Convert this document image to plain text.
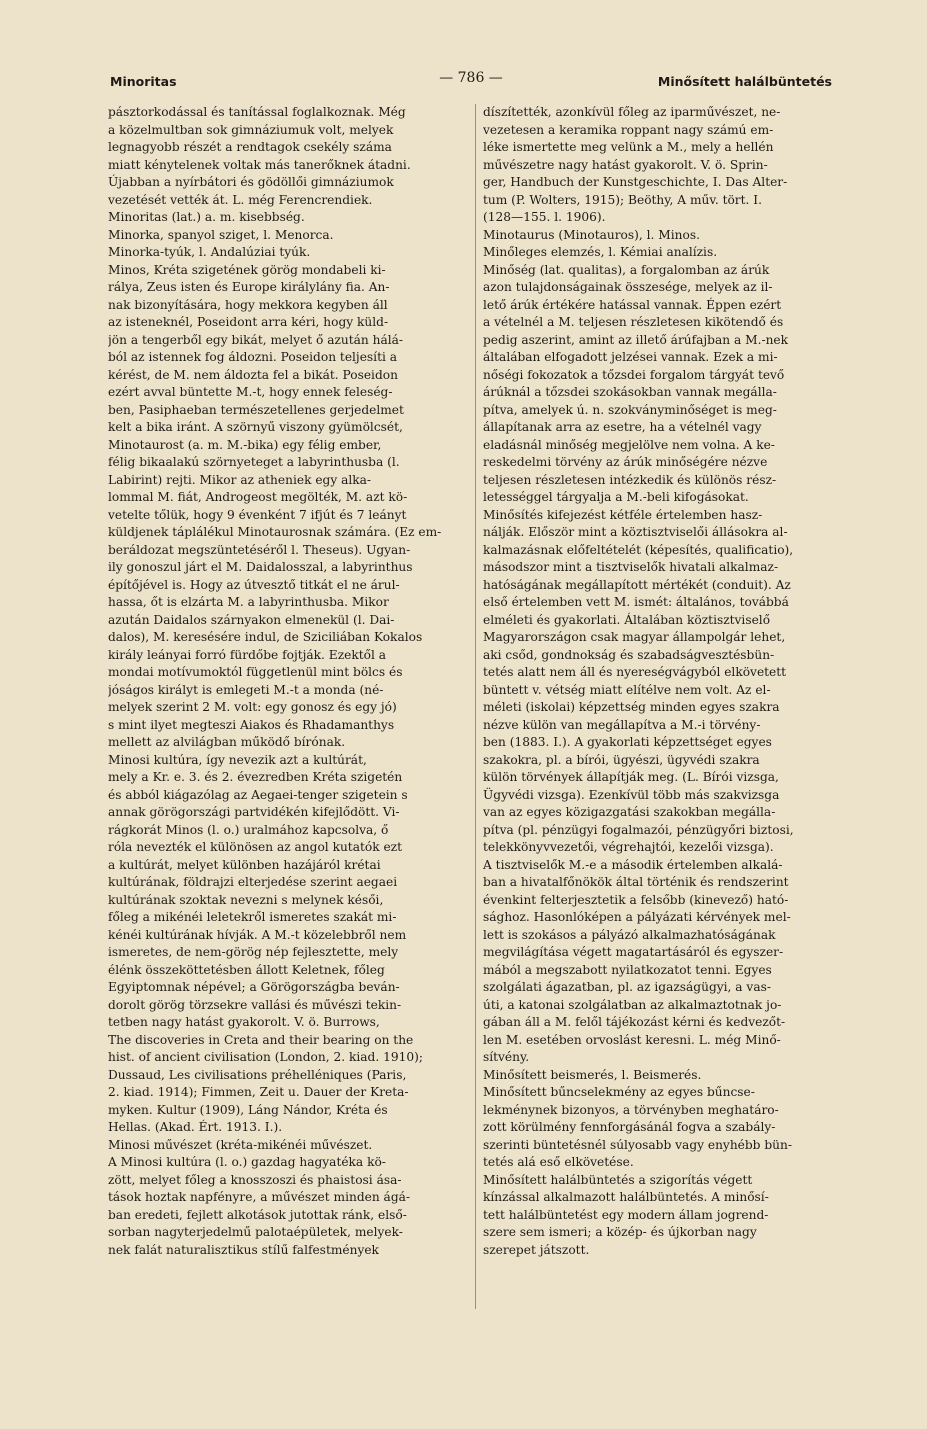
Minoritas	— 786 —	Minősített halálbüntetés
pásztorkodással és tanítással foglalkoznak. Még
a közelmultban sok gimnáziumuk volt, melyek
legnagyobb részét a rendtagok csekély száma
miatt kénytelenek voltak más tanerőknek átadni.
Újabban a nyírbátori és gödöllői gimnáziumok
vezetését vették át. L. még Ferencrendiek.
Minoritas (lat.) a. m. kisebbség.
Minorka, spanyol sziget, l. Menorca.
Minorka-tyúk, l. Andalúziai tyúk.
Minos, Kréta szigetének görög mondabeli ki-
rálya, Zeus isten és Europe királylány fia. An-
nak bizonyítására, hogy mekkora kegyben áll
az isteneknél, Poseidont arra kéri, hogy küld-
jön a tengerből egy bikát, melyet ő azután hálá-
ból az istennek fog áldozni. Poseidon teljesíti a
kérést, de M. nem áldozta fel a bikát. Poseidon
ezért avval büntette M.-t, hogy ennek feleség-
ben, Pasiphaeban természetellenes gerjedelmet
kelt a bika iránt. A szörnyű viszony gyümölcsét,
Minotaurost (a. m. M.-bika) egy félig ember,
félig bikaalakú szörnyeteget a labyrinthusba (l.
Labirint) rejti. Mikor az atheniek egy alka-
lommal M. fiát, Androgeost megölték, M. azt kö-
vetelte tőlük, hogy 9 évenként 7 ifjút és 7 leányt
küldjenek táplálékul Minotaurosnak számára. (Ez em-
beráldozat megszüntetéséről l. Theseus). Ugyan-
ily gonoszul járt el M. Daidalosszal, a labyrinthus
építőjével is. Hogy az útvesztő titkát el ne árul-
hassa, őt is elzárta M. a labyrinthusba. Mikor
azután Daidalos szárnyakon elmenekül (l. Dai-
dalos), M. keresésére indul, de Sziciliában Kokalos
király leányai forró fürdőbe fojtják. Ezektől a
mondai motívumoktól függetlenül mint bölcs és
jóságos királyt is emlegeti M.-t a monda (né-
melyek szerint 2 M. volt: egy gonosz és egy jó)
s mint ilyet megteszi Aiakos és Rhadamanthys
mellett az alvilágban működő bírónak.
Minosi kultúra, így nevezik azt a kultúrát,
mely a Kr. e. 3. és 2. évezredben Kréta szigetén
és abból kiágazólag az Aegaei-tenger szigetein s
annak görögországi partvidékén kifejlődött. Vi-
rágkorát Minos (l. o.) uralmához kapcsolva, ő
róla nevezték el különösen az angol kutatók ezt
a kultúrát, melyet különben hazájáról krétai
kultúrának, földrajzi elterjedése szerint aegaei
kultúrának szoktak nevezni s melynek késői,
főleg a mikénéi leletekről ismeretes szakát mi-
kénéi kultúrának hívják. A M.-t közelebbről nem
ismeretes, de nem-görög nép fejlesztette, mely
élénk összeköttetésben állott Keletnek, főleg
Egyiptomnak népével; a Görögországba beván-
dorolt görög törzsekre vallási és művészi tekin-
tetben nagy hatást gyakorolt. V. ö. Burrows,
The discoveries in Creta and their bearing on the
hist. of ancient civilisation (London, 2. kiad. 1910);
Dussaud, Les civilisations préhelléniques (Paris,
2. kiad. 1914); Fimmen, Zeit u. Dauer der Kreta-
myken. Kultur (1909), Láng Nándor, Kréta és
Hellas. (Akad. Ért. 1913. I.).
Minosi művészet (kréta-mikénéi művészet.
A Minosi kultúra (l. o.) gazdag hagyatéka kö-
zött, melyet főleg a knosszoszi és phaistosi ása-
tások hoztak napfényre, a művészet minden ágá-
ban eredeti, fejlett alkotások jutottak ránk, első-
sorban nagyterjedelmű palotaépületek, melyek-
nek falát naturalisztikus stílű falfestmények
díszítették, azonkívül főleg az iparművészet, ne-
vezetesen a keramika roppant nagy számú em-
léke ismertette meg velünk a M., mely a hellén
művészetre nagy hatást gyakorolt. V. ö. Sprin-
ger, Handbuch der Kunstgeschichte, I. Das Alter-
tum (P. Wolters, 1915); Beöthy, A műv. tört. I.
(128—155. l. 1906).
Minotaurus (Minotauros), l. Minos.
Minőleges elemzés, l. Kémiai analízis.
Minőség (lat. qualitas), a forgalomban az árúk
azon tulajdonságainak összesége, melyek az il-
lető árúk értékére hatással vannak. Éppen ezért
a vételnél a M. teljesen részletesen kikötendő és
pedig aszerint, amint az illető árúfajban a M.-nek
általában elfogadott jelzései vannak. Ezek a mi-
nőségi fokozatok a tőzsdei forgalom tárgyát tevő
árúknál a tőzsdei szokásokban vannak megálla-
pítva, amelyek ú. n. szokványminőséget is meg-
állapítanak arra az esetre, ha a vételnél vagy
eladásnál minőség megjelölve nem volna. A ke-
reskedelmi törvény az árúk minőségére nézve
teljesen részletesen intézkedik és különös rész-
letességgel tárgyalja a M.-beli kifogásokat.
Minősítés kifejezést kétféle értelemben hasz-
nálják. Először mint a köztisztviselői állásokra al-
kalmazásnak előfeltételét (képesítés, qualificatio),
másodszor mint a tisztviselők hivatali alkalmaz-
hatóságának megállapított mértékét (conduit). Az
első értelemben vett M. ismét: általános, továbbá
elméleti és gyakorlati. Általában köztisztviselő
Magyarországon csak magyar állampolgár lehet,
aki csőd, gondnokság és szabadságvesztésbün-
tetés alatt nem áll és nyereségvágyból elkövetett
büntett v. vétség miatt elítélve nem volt. Az el-
méleti (iskolai) képzettség minden egyes szakra
nézve külön van megállapítva a M.-i törvény-
ben (1883. I.). A gyakorlati képzettséget egyes
szakokra, pl. a bírói, ügyészi, ügyvédi szakra
külön törvények állapítják meg. (L. Bírói vizsga,
Ügyvédi vizsga). Ezenkívül több más szakvizsga
van az egyes közigazgatási szakokban megálla-
pítva (pl. pénzügyi fogalmazói, pénzügyőri biztosi,
telekkönyvvezetői, végrehajtói, kezelői vizsga).
A tisztviselők M.-e a második értelemben alkalá-
ban a hivatalfőnökök által történik és rendszerint
évenkint felterjesztetik a felsőbb (kinevező) ható-
sághoz. Hasonlóképen a pályázati kérvények mel-
lett is szokásos a pályázó alkalmazhatóságának
megvilágítása végett magatartásáról és egyszer-
mából a megszabott nyilatkozatot tenni. Egyes
szolgálati ágazatban, pl. az igazságügyi, a vas-
úti, a katonai szolgálatban az alkalmaztotnak jo-
gában áll a M. felől tájékozást kérni és kedvezőt-
len M. esetében orvoslást keresni. L. még Minő-
sítvény.
Minősített beismerés, l. Beismerés.
Minősített bűncselekmény az egyes bűncse-
lekménynek bizonyos, a törvényben meghatáro-
zott körülmény fennforgásánál fogva a szabály-
szerinti büntetésnél súlyosabb vagy enyhébb bün-
tetés alá eső elkövetése.
Minősített halálbüntetés a szigorítás végett
kínzással alkalmazott halálbüntetés. A minősí-
tett halálbüntetést egy modern állam jogrend-
szere sem ismeri; a közép- és újkorban nagy
szerepet játszott.
